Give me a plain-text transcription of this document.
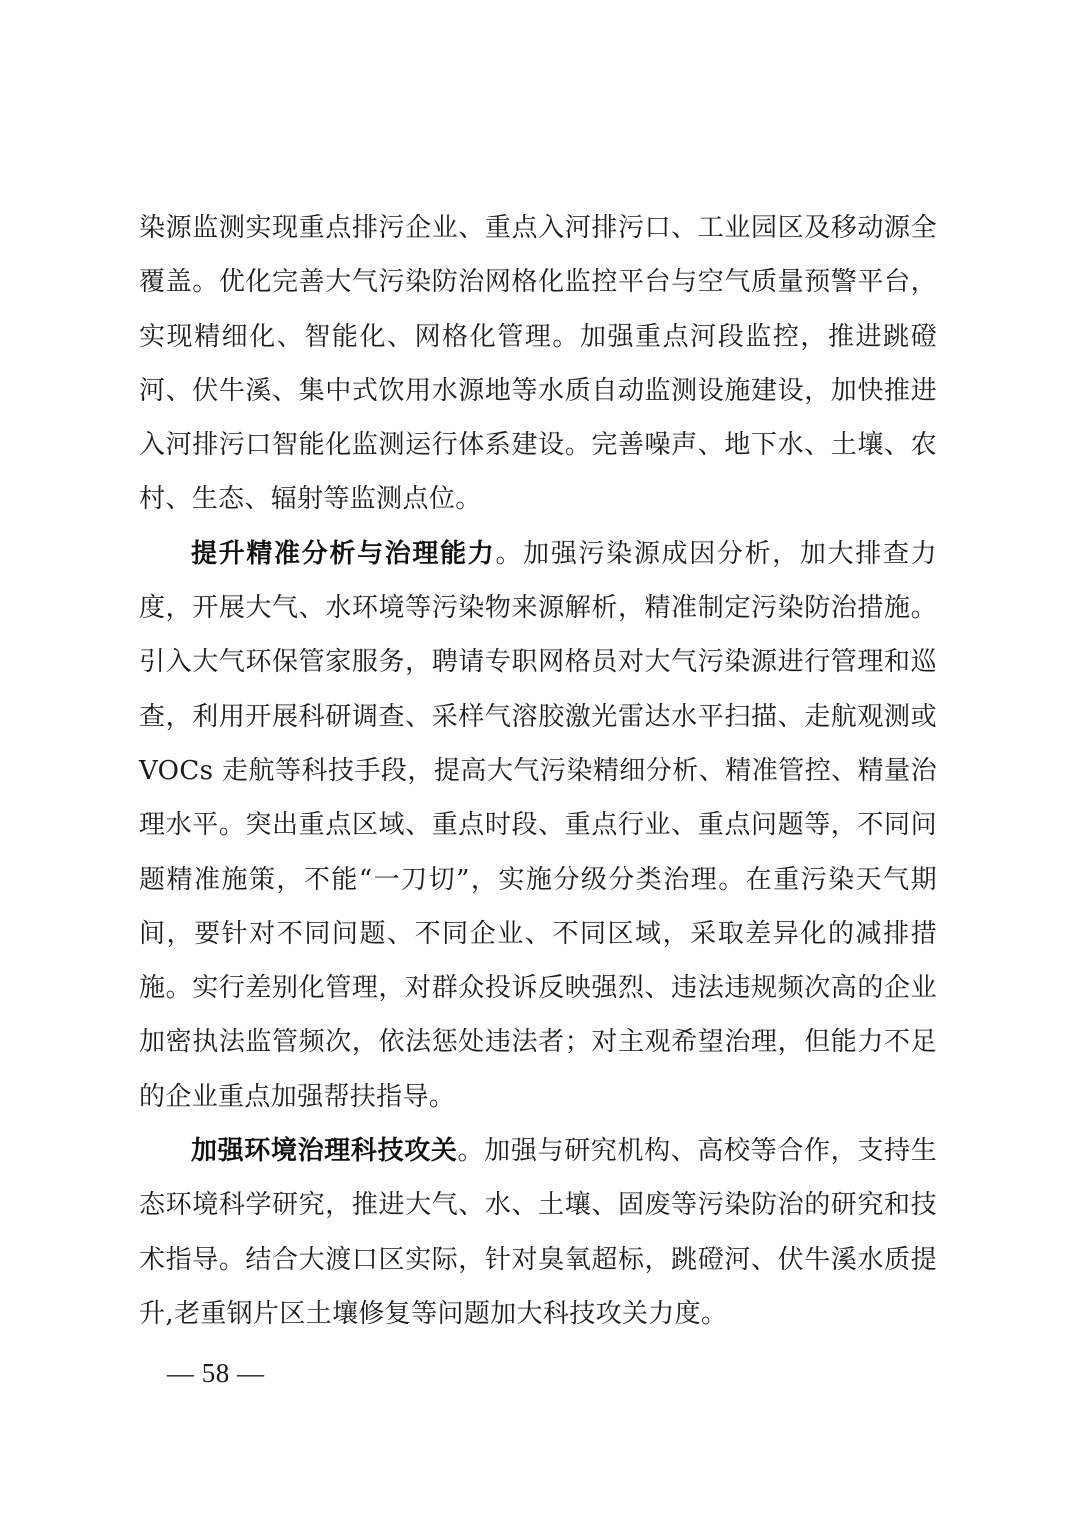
染源监测实现重点排污企业、重点入河排污口、工业园区及移动源全覆盖。优化完善大气污染防治网格化监控平台与空气质量预警平台，实现精细化、智能化、网格化管理。加强重点河段监控，推进跳磴河、伏牛溪、集中式饮用水源地等水质自动监测设施建设，加快推进入河排污口智能化监测运行体系建设。完善噪声、地下水、土壤、农村、生态、辐射等监测点位。

提升精准分析与治理能力。加强污染源成因分析，加大排查力度，开展大气、水环境等污染物来源解析，精准制定污染防治措施。引入大气环保管家服务，聘请专职网格员对大气污染源进行管理和巡查，利用开展科研调查、采样气溶胶激光雷达水平扫描、走航观测或 VOCs 走航等科技手段，提高大气污染精细分析、精准管控、精量治理水平。突出重点区域、重点时段、重点行业、重点问题等，不同问题精准施策，不能“一刀切”，实施分级分类治理。在重污染天气期间，要针对不同问题、不同企业、不同区域，采取差异化的减排措施。实行差别化管理，对群众投诉反映强烈、违法违规频次高的企业加密执法监管频次，依法惩处违法者；对主观希望治理，但能力不足的企业重点加强帮扶指导。

加强环境治理科技攻关。加强与研究机构、高校等合作，支持生态环境科学研究，推进大气、水、土壤、固废等污染防治的研究和技术指导。结合大渡口区实际，针对臭氧超标，跳磴河、伏牛溪水质提升,老重钢片区土壤修复等问题加大科技攻关力度。

— 58 —
